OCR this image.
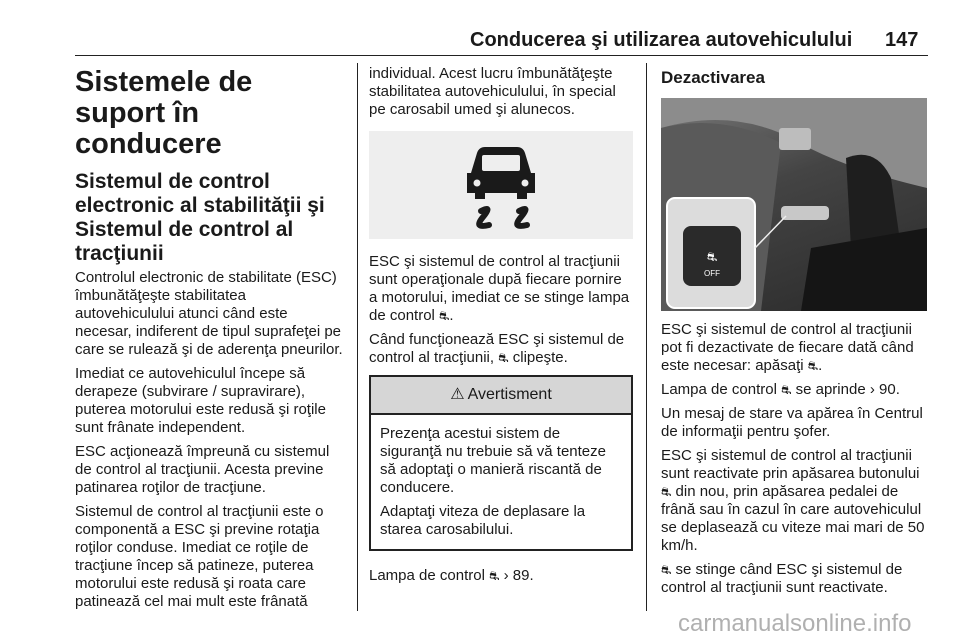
Conducerea şi utilizarea autovehiculului 147
Sistemele de suport în conducere
Sistemul de control electronic al stabilităţii şi Sistemul de control al tracţiunii

Controlul electronic de stabilitate (ESC) îmbunătăţeşte stabilitatea autovehiculului atunci când este necesar, indiferent de tipul suprafeţei pe care se rulează şi de aderenţa pneurilor.

Imediat ce autovehiculul începe să derapeze (subvirare / supravirare), puterea motorului este redusă şi roţile sunt frânate independent.

ESC acţionează împreună cu sistemul de control al tracţiunii. Acesta previne patinarea roţilor de tracţiune.

Sistemul de control al tracţiunii este o componentă a ESC şi previne rotaţia roţilor conduse. Imediat ce roţile de tracţiune încep să patineze, puterea motorului este redusă şi roata care patinează cel mai mult este frânată

individual. Acest lucru îmbunătăţeşte stabilitatea autovehiculului, în special pe carosabil umed şi alunecos.

ESC şi sistemul de control al tracţiunii sunt operaţionale după fiecare pornire a motorului, imediat ce se stinge lampa de control ⛐.

Când funcţionează ESC şi sistemul de control al tracţiunii, ⛐ clipeşte.

⚠ Avertisment

Prezenţa acestui sistem de siguranţă nu trebuie să vă tenteze să adoptaţi o manieră riscantă de conducere.

Adaptaţi viteza de deplasare la starea carosabilului.

Lampa de control ⛐ › 89.

Dezactivarea
⛐
OFF

ESC şi sistemul de control al tracţiunii pot fi dezactivate de fiecare dată când este necesar: apăsaţi ⛐.

Lampa de control ⛐ se aprinde › 90.

Un mesaj de stare va apărea în Centrul de informaţii pentru şofer.

ESC şi sistemul de control al tracţiunii sunt reactivate prin apăsarea butonului ⛐ din nou, prin apăsarea pedalei de frână sau în cazul în care autovehiculul se deplasează cu viteze mai mari de 50 km/h.

⛐ se stinge când ESC şi sistemul de control al tracţiunii sunt reactivate.

carmanualsonline.info
